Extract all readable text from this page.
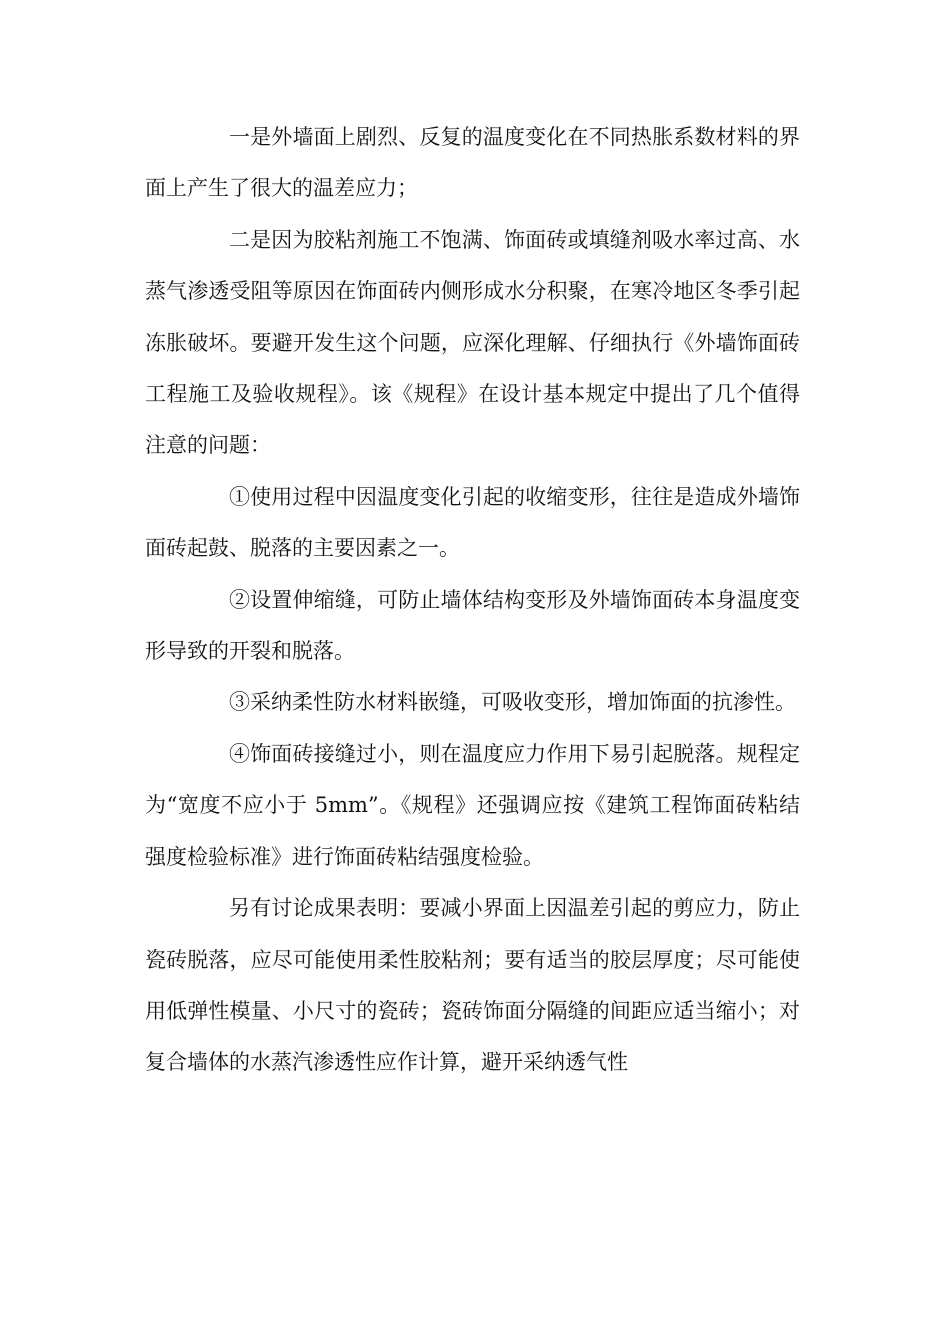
一是外墙面上剧烈、反复的温度变化在不同热胀系数材料的界面上产生了很大的温差应力；

二是因为胶粘剂施工不饱满、饰面砖或填缝剂吸水率过高、水蒸气渗透受阻等原因在饰面砖内侧形成水分积聚，在寒冷地区冬季引起冻胀破坏。要避开发生这个问题，应深化理解、仔细执行《外墙饰面砖工程施工及验收规程》。该《规程》在设计基本规定中提出了几个值得注意的问题：

①使用过程中因温度变化引起的收缩变形，往往是造成外墙饰面砖起鼓、脱落的主要因素之一。

②设置伸缩缝，可防止墙体结构变形及外墙饰面砖本身温度变形导致的开裂和脱落。

③采纳柔性防水材料嵌缝，可吸收变形，增加饰面的抗渗性。

④饰面砖接缝过小，则在温度应力作用下易引起脱落。规程定为“宽度不应小于 5mm”。《规程》还强调应按《建筑工程饰面砖粘结强度检验标准》进行饰面砖粘结强度检验。

另有讨论成果表明：要减小界面上因温差引起的剪应力，防止瓷砖脱落，应尽可能使用柔性胶粘剂；要有适当的胶层厚度；尽可能使用低弹性模量、小尺寸的瓷砖；瓷砖饰面分隔缝的间距应适当缩小；对复合墙体的水蒸汽渗透性应作计算，避开采纳透气性
